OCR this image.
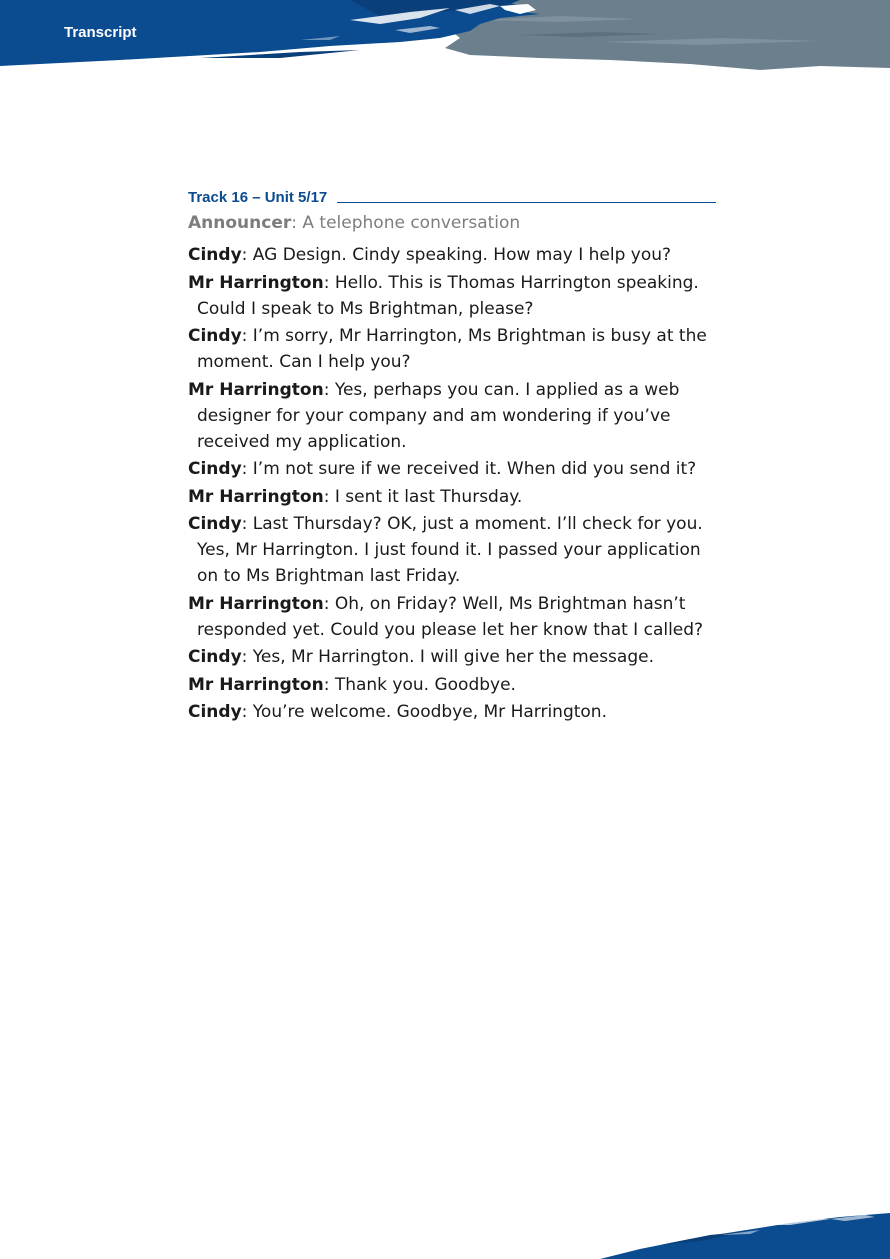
Transcript
Track 16 – Unit 5/17
Announcer: A telephone conversation
Cindy: AG Design. Cindy speaking. How may I help you?
Mr Harrington: Hello. This is Thomas Harrington speaking. Could I speak to Ms Brightman, please?
Cindy: I’m sorry, Mr Harrington, Ms Brightman is busy at the moment. Can I help you?
Mr Harrington: Yes, perhaps you can. I applied as a web designer for your company and am wondering if you’ve received my application.
Cindy: I’m not sure if we received it. When did you send it?
Mr Harrington: I sent it last Thursday.
Cindy: Last Thursday? OK, just a moment. I’ll check for you. Yes, Mr Harrington. I just found it. I passed your application on to Ms Brightman last Friday.
Mr Harrington: Oh, on Friday? Well, Ms Brightman hasn’t responded yet. Could you please let her know that I called?
Cindy: Yes, Mr Harrington. I will give her the message.
Mr Harrington: Thank you. Goodbye.
Cindy: You’re welcome. Goodbye, Mr Harrington.
